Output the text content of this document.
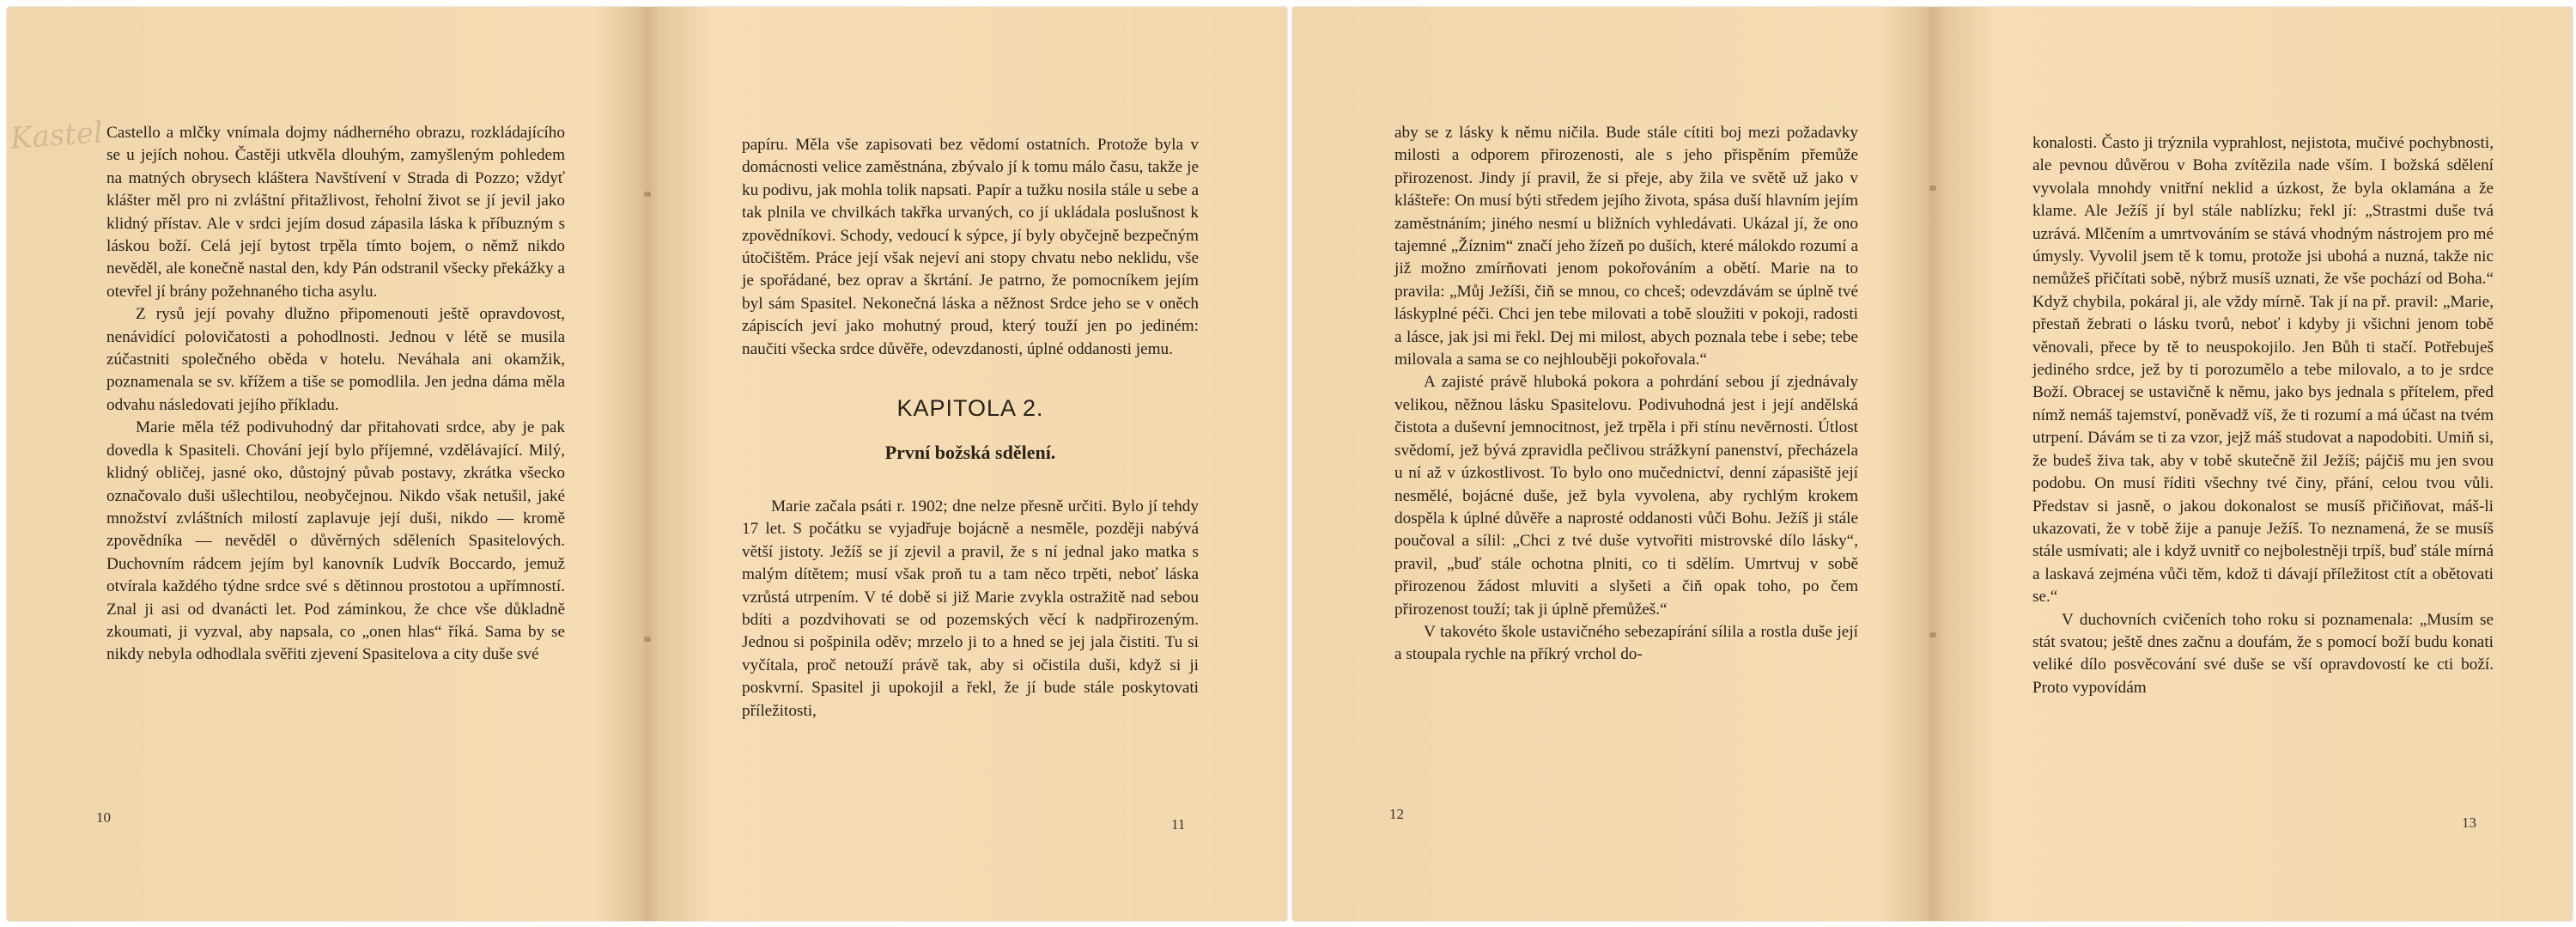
Kastel Castello a mlčky vnímala dojmy nádherného obrazu, rozkládajícího se u jejích nohou. Častěji utkvěla dlouhým, zamyšleným pohledem na matných obrysech kláštera Navštívení v Strada di Pozzo; vždyť klášter měl pro ni zvláštní přitažlivost, řeholní život se jí jevil jako klidný přístav. Ale v srdci jejím dosud zápasila láska k příbuzným s láskou boží. Celá její bytost trpěla tímto bojem, o němž nikdo nevěděl, ale konečně nastal den, kdy Pán odstranil všecky překážky a otevřel jí brány požehnaného ticha asylu.

Z rysů její povahy dlužno připomenouti ještě opravdovost, nenávidící polovičatosti a pohodlnosti. Jednou v létě se musila zúčastniti společného oběda v hotelu. Neváhala ani okamžik, poznamenala se sv. křížem a tiše se pomodlila. Jen jedna dáma měla odvahu následovati jejího příkladu.

Marie měla též podivuhodný dar přitahovati srdce, aby je pak dovedla k Spasiteli. Chování její bylo příjemné, vzdělávající. Milý, klidný obličej, jasné oko, důstojný půvab postavy, zkrátka všecko označovalo duši ušlechtilou, neobyčejnou. Nikdo však netušil, jaké množství zvláštních milostí zaplavuje její duši, nikdo — kromě zpovědníka — nevěděl o důvěrných sděleních Spasitelových. Duchovním rádcem jejím byl kanovník Ludvík Boccardo, jemuž otvírala každého týdne srdce své s dětinnou prostotou a upřímností. Znal ji asi od dvanácti let. Pod záminkou, že chce vše důkladně zkoumati, ji vyzval, aby napsala, co „onen hlas“ říká. Sama by se nikdy nebyla odhodlala svěřiti zjevení Spasitelova a city duše své

10

papíru. Měla vše zapisovati bez vědomí ostatních. Protože byla v domácnosti velice zaměstnána, zbývalo jí k tomu málo času, takže je ku podivu, jak mohla tolik napsati. Papír a tužku nosila stále u sebe a tak plnila ve chvilkách takřka urvaných, co jí ukládala poslušnost k zpovědníkovi. Schody, vedoucí k sýpce, jí byly obyčejně bezpečným útočištěm. Práce její však nejeví ani stopy chvatu nebo neklidu, vše je spořádané, bez oprav a škrtání. Je patrno, že pomocníkem jejím byl sám Spasitel. Nekonečná láska a něžnost Srdce jeho se v oněch zápiscích jeví jako mohutný proud, který touží jen po jediném: naučiti všecka srdce důvěře, odevzdanosti, úplné oddanosti jemu.

KAPITOLA 2.
První božská sdělení.

Marie začala psáti r. 1902; dne nelze přesně určiti. Bylo jí tehdy 17 let. S počátku se vyjadřuje bojácně a nesměle, později nabývá větší jistoty. Ježíš se jí zjevil a pravil, že s ní jednal jako matka s malým dítětem; musí však proň tu a tam něco trpěti, neboť láska vzrůstá utrpením. V té době si již Marie zvykla ostražitě nad sebou bdíti a pozdvihovati se od pozemských věcí k nadpřirozeným. Jednou si pošpinila oděv; mrzelo ji to a hned se jej jala čistiti. Tu si vyčítala, proč netouží právě tak, aby si očistila duši, když si ji poskvrní. Spasitel ji upokojil a řekl, že jí bude stále poskytovati příležitosti,

11

aby se z lásky k němu ničila. Bude stále cítiti boj mezi požadavky milosti a odporem přirozenosti, ale s jeho přispěním přemůže přirozenost. Jindy jí pravil, že si přeje, aby žila ve světě už jako v klášteře: On musí býti středem jejího života, spása duší hlavním jejím zaměstnáním; jiného nesmí u bližních vyhledávati. Ukázal jí, že ono tajemné „Žíznim“ značí jeho žízeň po duších, které málokdo rozumí a již možno zmírňovati jenom pokořováním a obětí. Marie na to pravila: „Můj Ježíši, čiň se mnou, co chceš; odevzdávám se úplně tvé láskyplné péči. Chci jen tebe milovati a tobě sloužiti v pokoji, radosti a lásce, jak jsi mi řekl. Dej mi milost, abych poznala tebe i sebe; tebe milovala a sama se co nejhlouběji pokořovala.“

A zajisté právě hluboká pokora a pohrdání sebou jí zjednávaly velikou, něžnou lásku Spasitelovu. Podivuhodná jest i její andělská čistota a duševní jemnocitnost, jež trpěla i při stínu nevěrnosti. Útlost svědomí, jež bývá zpravidla pečlivou strážkyní panenství, přecházela u ní až v úzkostlivost. To bylo ono mučednictví, denní zápasiště její nesmělé, bojácné duše, jež byla vyvolena, aby rychlým krokem dospěla k úplné důvěře a naprosté oddanosti vůči Bohu. Ježíš ji stále poučoval a sílil: „Chci z tvé duše vytvořiti mistrovské dílo lásky“, pravil, „buď stále ochotna plniti, co ti sdělím. Umrtvuj v sobě přirozenou žádost mluviti a slyšeti a čiň opak toho, po čem přirozenost touží; tak ji úplně přemůžeš.“

V takovéto škole ustavičného sebezapírání sílila a rostla duše její a stoupala rychle na příkrý vrchol do-

12

konalosti. Často ji trýznila vyprahlost, nejistota, mučivé pochybnosti, ale pevnou důvěrou v Boha zvítězila nade vším. I božská sdělení vyvolala mnohdy vnitřní neklid a úzkost, že byla oklamána a že klame. Ale Ježíš jí byl stále nablízku; řekl jí: „Strastmi duše tvá uzrává. Mlčením a umrtvováním se stává vhodným nástrojem pro mé úmysly. Vyvolil jsem tě k tomu, protože jsi ubohá a nuzná, takže nic nemůžeš přičítati sobě, nýbrž musíš uznati, že vše pochází od Boha.“ Když chybila, pokáral ji, ale vždy mírně. Tak jí na př. pravil: „Marie, přestaň žebrati o lásku tvorů, neboť i kdyby ji všichni jenom tobě věnovali, přece by tě to neuspokojilo. Jen Bůh ti stačí. Potřebuješ jediného srdce, jež by ti porozumělo a tebe milovalo, a to je srdce Boží. Obracej se ustavičně k němu, jako bys jednala s přítelem, před nímž nemáš tajemství, poněvadž víš, že ti rozumí a má účast na tvém utrpení. Dávám se ti za vzor, jejž máš studovat a napodobiti. Umiň si, že budeš živa tak, aby v tobě skutečně žil Ježíš; pájčiš mu jen svou podobu. On musí říditi všechny tvé činy, přání, celou tvou vůli. Představ si jasně, o jakou dokonalost se musíš přičiňovat, máš-li ukazovati, že v tobě žije a panuje Ježíš. To neznamená, že se musíš stále usmívati; ale i když uvnitř co nejbolestněji trpíš, buď stále mírná a laskavá zejména vůči těm, kdož ti dávají příležitost ctít a obětovati se.“

V duchovních cvičeních toho roku si poznamenala: „Musím se stát svatou; ještě dnes začnu a doufám, že s pomocí boží budu konati veliké dílo posvěcování své duše se vší opravdovostí ke cti boží. Proto vypovídám

13
